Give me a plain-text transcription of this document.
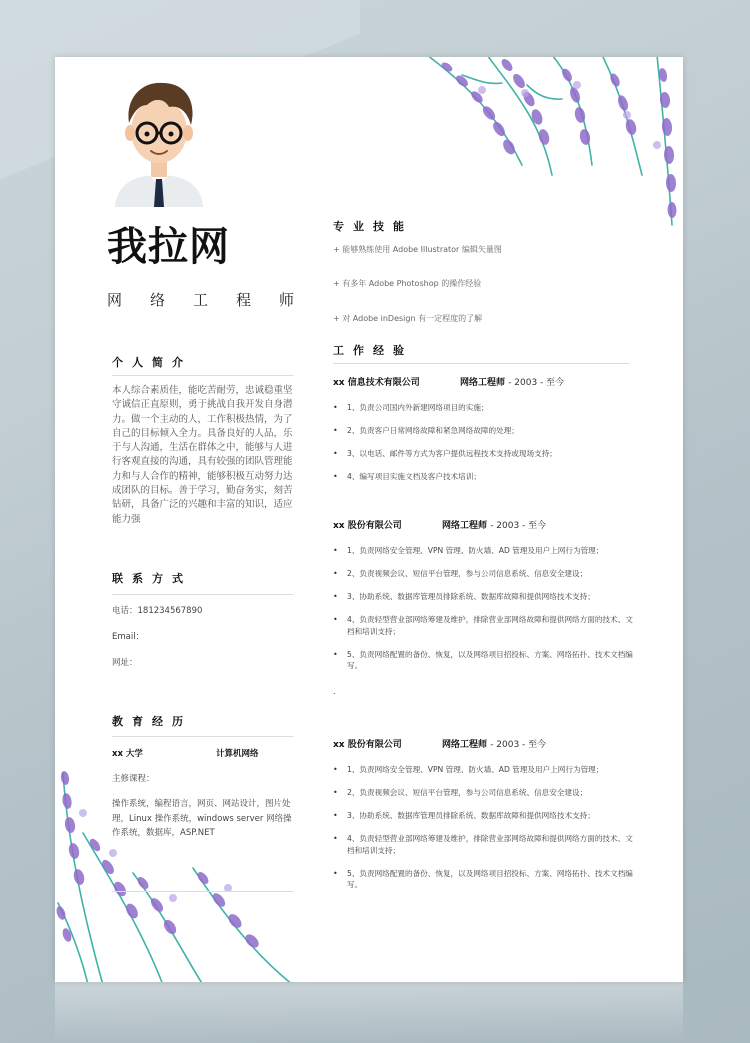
我拉网
网络工程师
个人简介
本人综合素质佳，能吃苦耐劳，忠诚稳重坚守诚信正直原则，勇于挑战自我开发自身潜力。做一个主动的人，工作积极热情，为了自己的目标倾入全力。具备良好的人品，乐于与人沟通，生活在群体之中，能够与人进行客观直接的沟通，具有较强的团队管理能力和与人合作的精神，能够积极互动努力达成团队的目标。善于学习，勤奋务实，刻苦钻研，具备广泛的兴趣和丰富的知识，适应能力强
联系方式
电话：181234567890
Email：
网址：
教育经历
xx 大学	计算机网络
主修课程：
操作系统，编程语言，网页、网站设计，图片处理，Linux 操作系统，windows server 网络操作系统，数据库，ASP.NET
专业技能
+ 能够熟练使用 Adobe Illustrator 编辑矢量图
+ 有多年 Adobe Photoshop 的操作经验
+ 对 Adobe inDesign 有一定程度的了解
工作经验
xx 信息技术有限公司	网络工程师 - 2003 - 至今
• 1、负责公司国内外新建网络项目的实施；
• 2、负责客户日常网络故障和紧急网络故障的处理；
• 3、以电话、邮件等方式为客户提供远程技术支持或现场支持；
• 4、编写项目实施文档及客户技术培训；
xx 股份有限公司	网络工程师 - 2003 - 至今
• 1、负责网络安全管理、VPN 管理、防火墙、AD 管理及用户上网行为管理；
• 2、负责视频会议、短信平台管理，参与公司信息系统、信息安全建设；
• 3、协助系统、数据库管理员排除系统、数据库故障和提供网络技术支持；
• 4、负责轻型营业部网络筹建及维护，排除营业部网络故障和提供网络方面的技术、文档和培训支持；
• 5、负责网络配置的备份、恢复，以及网络项目招投标、方案、网络拓扑、技术文档编写。
.
xx 股份有限公司	网络工程师 - 2003 - 至今
• 1、负责网络安全管理、VPN 管理、防火墙、AD 管理及用户上网行为管理；
• 2、负责视频会议、短信平台管理，参与公司信息系统、信息安全建设；
• 3、协助系统、数据库管理员排除系统、数据库故障和提供网络技术支持；
• 4、负责轻型营业部网络筹建及维护，排除营业部网络故障和提供网络方面的技术、文档和培训支持；
• 5、负责网络配置的备份、恢复，以及网络项目招投标、方案、网络拓扑、技术文档编写。
